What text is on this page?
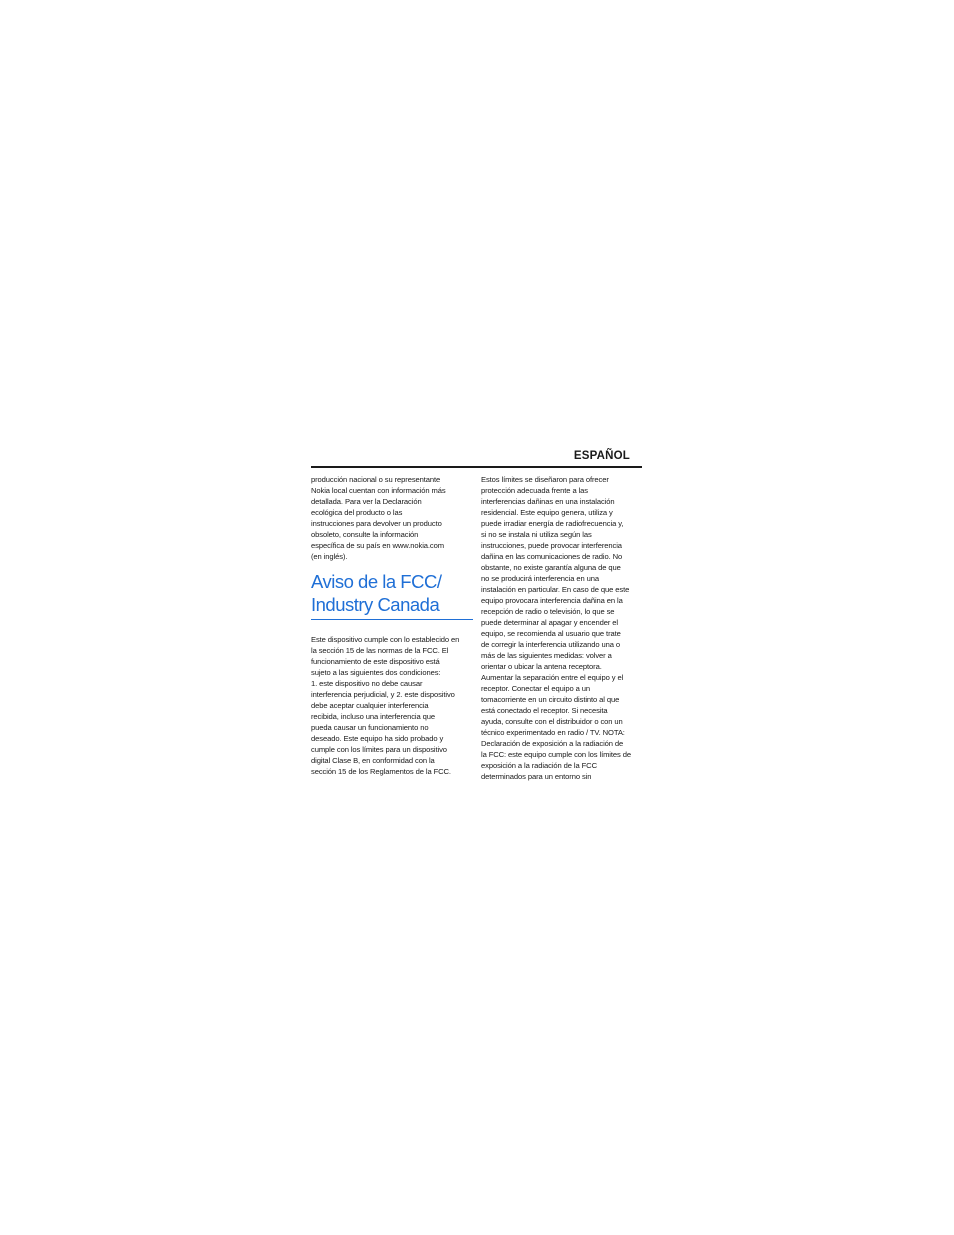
ESPAÑOL

producción nacional o su representante
Nokia local cuentan con información más
detallada. Para ver la Declaración
ecológica del producto o las
instrucciones para devolver un producto
obsoleto, consulte la información
específica de su país en www.nokia.com
(en inglés).

Aviso de la FCC/
Industry Canada

Este dispositivo cumple con lo establecido en
la sección 15 de las normas de la FCC. El
funcionamiento de este dispositivo está
sujeto a las siguientes dos condiciones:
1. este dispositivo no debe causar
interferencia perjudicial, y 2. este dispositivo
debe aceptar cualquier interferencia
recibida, incluso una interferencia que
pueda causar un funcionamiento no
deseado. Este equipo ha sido probado y
cumple con los límites para un dispositivo
digital Clase B, en conformidad con la
sección 15 de los Reglamentos de la FCC.

Estos límites se diseñaron para ofrecer
protección adecuada frente a las
interferencias dañinas en una instalación
residencial. Este equipo genera, utiliza y
puede irradiar energía de radiofrecuencia y,
si no se instala ni utiliza según las
instrucciones, puede provocar interferencia
dañina en las comunicaciones de radio. No
obstante, no existe garantía alguna de que
no se producirá interferencia en una
instalación en particular. En caso de que este
equipo provocara interferencia dañina en la
recepción de radio o televisión, lo que se
puede determinar al apagar y encender el
equipo, se recomienda al usuario que trate
de corregir la interferencia utilizando una o
más de las siguientes medidas: volver a
orientar o ubicar la antena receptora.
Aumentar la separación entre el equipo y el
receptor. Conectar el equipo a un
tomacorriente en un circuito distinto al que
está conectado el receptor. Si necesita
ayuda, consulte con el distribuidor o con un
técnico experimentado en radio / TV. NOTA:
Declaración de exposición a la radiación de
la FCC: este equipo cumple con los límites de
exposición a la radiación de la FCC
determinados para un entorno sin
